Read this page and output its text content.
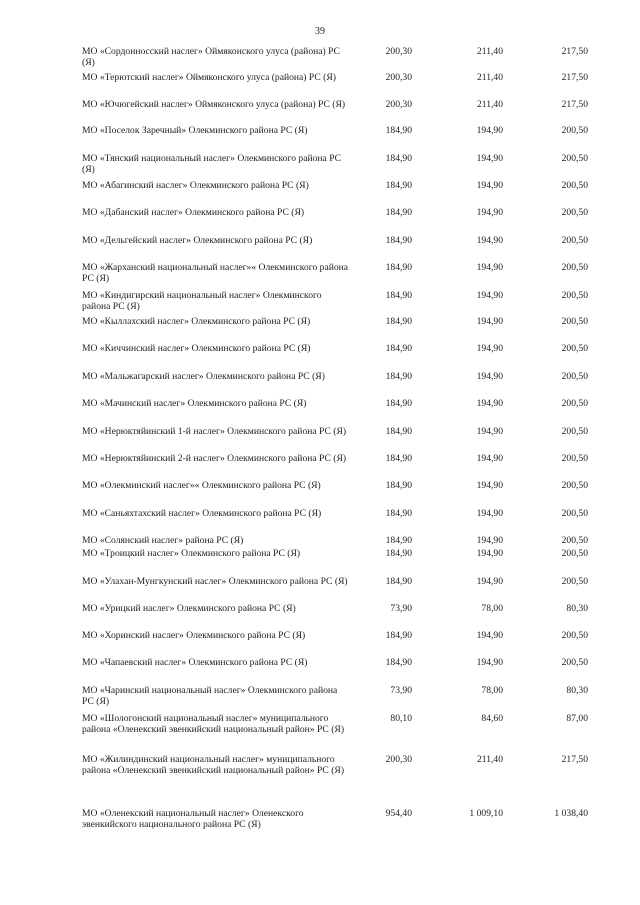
39
МО «Сордонносский наслег» Оймяконского улуса (района) РС (Я)
200,30	211,40	217,50
МО «Терютский наслег» Оймяконского улуса (района) РС (Я)	200,30	211,40	217,50
МО «Ючюгейский наслег» Оймяконского улуса (района) РС (Я)	200,30	211,40	217,50
МО «Поселок Заречный» Олекминского района РС (Я)	184,90	194,90	200,50
МО «Тянский национальный наслег» Олекминского района РС (Я)
184,90	194,90	200,50
МО «Абагинский наслег» Олекминского района РС (Я)	184,90	194,90	200,50
МО «Дабанский наслег» Олекминского района РС (Я)	184,90	194,90	200,50
МО «Дельгейский наслег» Олекминского района РС (Я)	184,90	194,90	200,50
МО «Жарханский национальный наслег»« Олекминского района РС (Я)
184,90	194,90	200,50
МО «Киндигирский национальный наслег» Олекминского района РС (Я)
184,90	194,90	200,50
МО «Кыллахский наслег» Олекминского района РС (Я)	184,90	194,90	200,50
МО «Киччинский наслег» Олекминского района РС (Я)	184,90	194,90	200,50
МО «Мальжагарский наслег» Олекминского района РС (Я)	184,90	194,90	200,50
МО «Мачинский наслег» Олекминского района РС (Я)	184,90	194,90	200,50
МО «Нерюктяйинский 1-й наслег» Олекминского района РС (Я)	184,90	194,90	200,50
МО «Нерюктяйинский 2-й наслег» Олекминского района РС (Я)	184,90	194,90	200,50
МО «Олекминский наслег»« Олекминского района РС (Я)	184,90	194,90	200,50
МО «Саньяхтахский наслег» Олекминского района РС (Я)	184,90	194,90	200,50
МО «Солянский наслег» района РС (Я)	184,90	194,90	200,50
МО «Троицкий наслег» Олекминского района РС (Я)	184,90	194,90	200,50
МО «Улахан-Мунгкунский наслег» Олекминского района РС (Я)	184,90	194,90	200,50
МО «Урицкий наслег» Олекминского района РС (Я)	73,90	78,00	80,30
МО «Хоринский наслег» Олекминского района РС (Я)	184,90	194,90	200,50
МО «Чапаевский наслег» Олекминского района РС (Я)	184,90	194,90	200,50
МО «Чаринский национальный наслег» Олекминского района РС (Я)
73,90	78,00	80,30
МО «Шологонский национальный наслег» муниципального района «Оленекский эвенкийский национальный район» РС (Я)
80,10	84,60	87,00
МО «Жилиндинский национальный наслег» муниципального района «Оленекский эвенкийский национальный район» РС (Я)
200,30	211,40	217,50
МО «Оленекский национальный наслег» Оленекского эвенкийского национального района РС (Я)
954,40	1 009,10	1 038,40
